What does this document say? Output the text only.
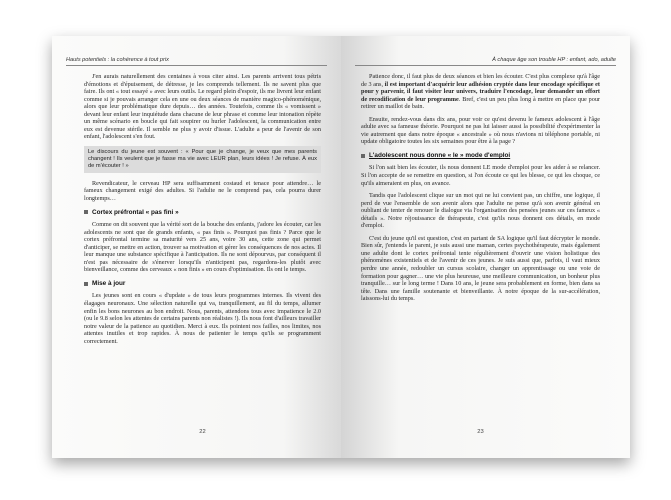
Hauts potentiels : la cohérence à tout prix

J'en aurais naturellement des centaines à vous citer ainsi. Les parents arrivent tous pétris d'émotions et d'épuisement, de détresse, je les comprends tellement. Ils ne savent plus que faire. Ils ont « tout essayé » avec leurs outils. Le regard plein d'espoir, ils me livrent leur enfant comme si je pouvais arranger cela en une ou deux séances de manière magico-phénoménique, alors que leur problématique dure depuis… des années. Toutefois, comme ils « vomissent » devant leur enfant leur inquiétude dans chacune de leur phrase et comme leur intonation répète un même scénario en boucle qui fait soupirer ou hurler l'adolescent, la communication entre eux est devenue stérile. Il semble ne plus y avoir d'issue. L'adulte a peur de l'avenir de son enfant, l'adolescent s'en fout.

Le discours du jeune est souvent : « Pour que je change, je veux que mes parents changent ! Ils veulent que je fasse ma vie avec LEUR plan, leurs idées ! Je refuse. À eux de m'écouter ! »

Revendicateur, le cerveau HP sera suffisamment costaud et tenace pour attendre… le fameux changement exigé des adultes. Si l'adulte ne le comprend pas, cela pourra durer longtemps…

Cortex préfrontal « pas fini »

Comme on dit souvent que la vérité sort de la bouche des enfants, j'adore les écouter, car les adolescents ne sont que de grands enfants, « pas finis ». Pourquoi pas finis ? Parce que le cortex préfrontal termine sa maturité vers 25 ans, voire 30 ans, cette zone qui permet d'anticiper, se mettre en action, trouver sa motivation et gérer les conséquences de nos actes. Il leur manque une substance spécifique à l'anticipation. Ils ne sont dépourvus, par conséquent il n'est pas nécessaire de s'énerver lorsqu'ils n'anticipent pas, regardons-les plutôt avec bienveillance, comme des cerveaux « non finis » en cours d'optimisation. Ils ont le temps.

Mise à jour

Les jeunes sont en cours « d'update » de tous leurs programmes internes. Ils vivent des élagages neuronaux. Une sélection naturelle qui va, tranquillement, au fil du temps, allumer enfin les bons neurones au bon endroit. Nous, parents, attendons tous avec impatience le 2.0 (ou le 9.8 selon les attentes de certains parents non réalistes !). Ils nous font d'ailleurs travailler notre valeur de la patience au quotidien. Merci à eux. Ils pointent nos failles, nos limites, nos attentes inutiles et trop rapides. À nous de patienter le temps qu'ils se programment correctement.

22
À chaque âge son trouble HP : enfant, ado, adulte

Patience donc, il faut plus de deux séances et bien les écouter. C'est plus complexe qu'à l'âge de 3 ans, il est important d'acquérir leur adhésion cryptée dans leur encodage spécifique et pour y parvenir, il faut visiter leur univers, traduire l'encodage, leur demander un effort de recodification de leur programme. Bref, c'est un peu plus long à mettre en place que pour retirer un maillot de bain.

Ensuite, rendez-vous dans dix ans, pour voir ce qu'est devenu le fameux adolescent à l'âge adulte avec sa fameuse théorie. Pourquoi ne pas lui laisser aussi la possibilité d'expérimenter la vie autrement que dans notre époque « ancestrale » où nous n'avions ni téléphone portable, ni update obligatoire toutes les six semaines pour être à la page ?

L'adolescent nous donne « le » mode d'emploi

Si l'on sait bien les écouter, ils nous donnent LE mode d'emploi pour les aider à se relancer. Si l'on accepte de se remettre en question, si l'on écoute ce qui les blesse, ce qui les choque, ce qu'ils aimeraient en plus, on avance.

Tandis que l'adolescent clique sur un mot qui ne lui convient pas, un chiffre, une logique, il perd de vue l'ensemble de son avenir alors que l'adulte ne pense qu'à son avenir général en oubliant de tenter de renouer le dialogue via l'organisation des pensées jeunes sur ces fameux « détails ». Notre réjouissance de thérapeute, c'est qu'ils nous donnent ces détails, en mode d'emploi.

C'est du jeune qu'il est question, c'est en partant de SA logique qu'il faut décrypter le monde. Bien sûr, j'entends le parent, je suis aussi une maman, certes psychothérapeute, mais également une adulte dont le cortex préfrontal tente régulièrement d'ouvrir une vision holistique des phénomènes existentiels et de l'avenir de ces jeunes. Je suis aussi que, parfois, il vaut mieux perdre une année, redoubler un cursus scolaire, changer un apprentissage ou une voie de formation pour gagner… une vie plus heureuse, une meilleure communication, un bonheur plus tranquille… sur le long terme ! Dans 10 ans, le jeune sera probablement en forme, bien dans sa tête. Dans une famille soutenante et bienveillante. À notre époque de la sur-accélération, laissons-lui du temps.

23
